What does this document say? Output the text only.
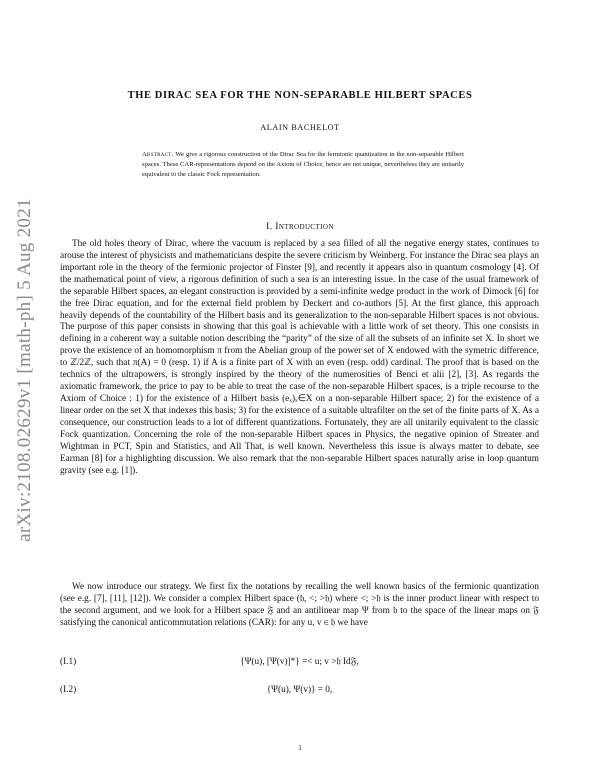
arXiv:2108.02629v1 [math-ph] 5 Aug 2021
THE DIRAC SEA FOR THE NON-SEPARABLE HILBERT SPACES
ALAIN BACHELOT
Abstract. We give a rigorous construction of the Dirac Sea for the fermionic quantization in the non-separable Hilbert spaces. These CAR-representations depend on the Axiom of Choice, hence are not unique, nevertheless they are unitarily equivalent to the classic Fock representation.
I. Introduction
The old holes theory of Dirac, where the vacuum is replaced by a sea filled of all the negative energy states, continues to arouse the interest of physicists and mathematicians despite the severe criticism by Weinberg. For instance the Dirac sea plays an important role in the theory of the fermionic projector of Finster [9], and recently it appears also in quantum cosmology [4]. Of the mathematical point of view, a rigorous definition of such a sea is an interesting issue. In the case of the usual framework of the separable Hilbert spaces, an elegant construction is provided by a semi-infinite wedge product in the work of Dimock [6] for the free Dirac equation, and for the external field problem by Deckert and co-authors [5]. At the first glance, this approach heavily depends of the countability of the Hilbert basis and its generalization to the non-separable Hilbert spaces is not obvious. The purpose of this paper consists in showing that this goal is achievable with a little work of set theory. This one consists in defining in a coherent way a suitable notion describing the “parity” of the size of all the subsets of an infinite set X. In short we prove the existence of an homomorphism π from the Abelian group of the power set of X endowed with the symetric difference, to ℤ/2ℤ, such that π(A) = 0 (resp. 1) if A is a finite part of X with an even (resp. odd) cardinal. The proof that is based on the technics of the ultrapowers, is strongly inspired by the theory of the numerosities of Benci et alii [2], [3]. As regards the axiomatic framework, the price to pay to be able to treat the case of the non-separable Hilbert spaces, is a triple recourse to the Axiom of Choice : 1) for the existence of a Hilbert basis (eₓ)ₓ∈X on a non-separable Hilbert space; 2) for the existence of a linear order on the set X that indexes this basis; 3) for the existence of a suitable ultrafilter on the set of the finite parts of X. As a consequence, our construction leads to a lot of different quantizations. Fortunately, they are all unitarily equivalent to the classic Fock quantization. Concerning the role of the non-separable Hilbert spaces in Physics, the negative opinion of Streater and Wightman in PCT, Spin and Statistics, and All That, is well known. Nevertheless this issue is always matter to debate, see Earman [8] for a highlighting discussion. We also remark that the non-separable Hilbert spaces naturally arise in loop quantum gravity (see e.g. [1]).
We now introduce our strategy. We first fix the notations by recalling the well known basics of the fermionic quantization (see e.g. [7], [11], [12]). We consider a complex Hilbert space (𝔥, <; >𝔥) where <; >𝔥 is the inner product linear with respect to the second argument, and we look for a Hilbert space 𝔉 and an antilinear map Ψ from 𝔥 to the space of the linear maps on 𝔉 satisfying the canonical anticommutation relations (CAR): for any u, v ∈ 𝔥 we have
(I.1)	{Ψ(u), [Ψ(v)]*} =< u; v >𝔥 Id𝔉,
(I.2)	{Ψ(u), Ψ(v)} = 0,
1
